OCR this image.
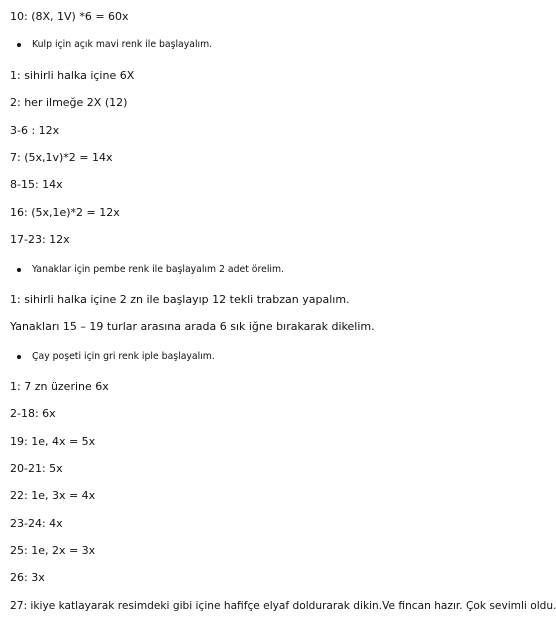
10: (8X, 1V) *6 = 60x
Kulp için açık mavi renk ile başlayalım.
1: sihirli halka içine 6X
2: her ilmeğe 2X (12)
3-6 : 12x
7: (5x,1v)*2 = 14x
8-15: 14x
16: (5x,1e)*2 = 12x
17-23: 12x
Yanaklar için pembe renk ile başlayalım 2 adet örelim.
1: sihirli halka içine 2 zn ile başlayıp 12 tekli trabzan yapalım.
Yanakları 15 – 19 turlar arasına arada 6 sık iğne bırakarak dikelim.
Çay poşeti için gri renk iple başlayalım.
1: 7 zn üzerine 6x
2-18: 6x
19: 1e, 4x = 5x
20-21: 5x
22: 1e, 3x = 4x
23-24: 4x
25: 1e, 2x = 3x
26: 3x
27: ikiye katlayarak resimdeki gibi içine hafifçe elyaf doldurarak dikin.Ve fincan hazır. Çok sevimli oldu.
